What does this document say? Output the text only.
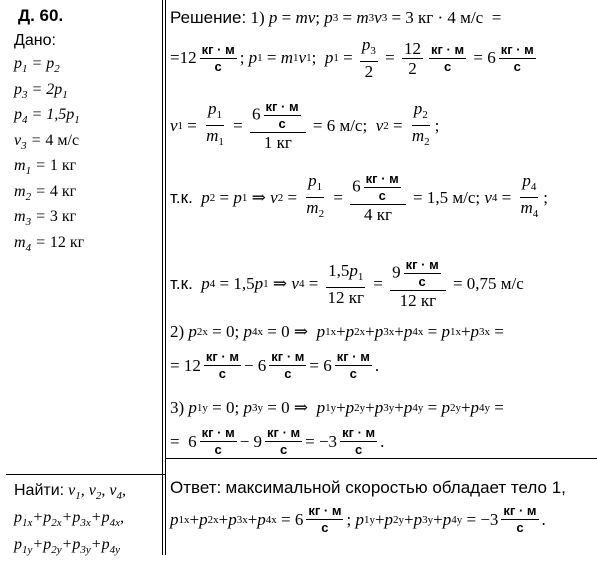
Д. 60.
Дано:
$p_1 = p_2$
$p_3 = 2p_1$
$p_4 = 1,5p_1$
$v_3 = 4$ м/с
$m_1 = 1$ кг
$m_2 = 4$ кг
$m_3 = 3$ кг
$m_4 = 12$ кг
Найти: $v_1$, $v_2$, $v_4$,
$p_{1x}+p_{2x}+p_{3x}+p_{4x}$,
$p_{1y}+p_{2y}+p_{3y}+p_{4y}$
Решение: 1) p = mv ; p 3 = m 3 v 3 = 3 кг · 4 м/с  =
$=12 \frac{кг \cdot м}{с}$ ; p 1 = m 1 v 1 ; p $1 = \frac{p_3}{2} = \frac{12}{2} \frac{кг \cdot м}{с} = 6 \frac{кг \cdot м}{с}$
v $1 = \frac{p_1}{m_1} = \frac{6 \frac{кг \cdot м}{с}}{1 кг} = 6$ м/с; v $2 = \frac{p_2}{m_2}$ ;
т.к.
p 2 = p 1 ⇒ v $2 = \frac{p_1}{m_2} = \frac{6 \frac{кг \cdot м}{с}}{4 кг} = 1,5$ м/с; v $4 = \frac{p_4}{m_4}$ ;
т.к.
p 4 = 1,5 p 1 ⇒ v $4 = \frac{1,5p_1}{12 кг} = \frac{9 \frac{кг \cdot м}{с}}{12 кг} = 0,75$ м/с
2) p 2x = 0; p 4x = 0 ⇒ p 1x + p 2x + p 3x + p 4x = p 1x + p 3x =
= $12 \frac{кг \cdot м}{с} - 6 \frac{кг \cdot м}{с} = 6 \frac{кг \cdot м}{с}$ .
3) p 1y = 0; p 3y = 0 ⇒ p 1y + p 2y + p 3y + p 4y = p 2y + p 4y =
=  $6 \frac{кг \cdot м}{с} - 9 \frac{кг \cdot м}{с} = -3 \frac{кг \cdot м}{с}$ .
Ответ:
максимальной скоростью обладает тело 1,
p 1x + p 2x + p 3x + p $4x = 6 \frac{кг \cdot м}{с}$ ; p 1y + p 2y + p 3y + p $4y = -3 \frac{кг \cdot м}{с}$ .
